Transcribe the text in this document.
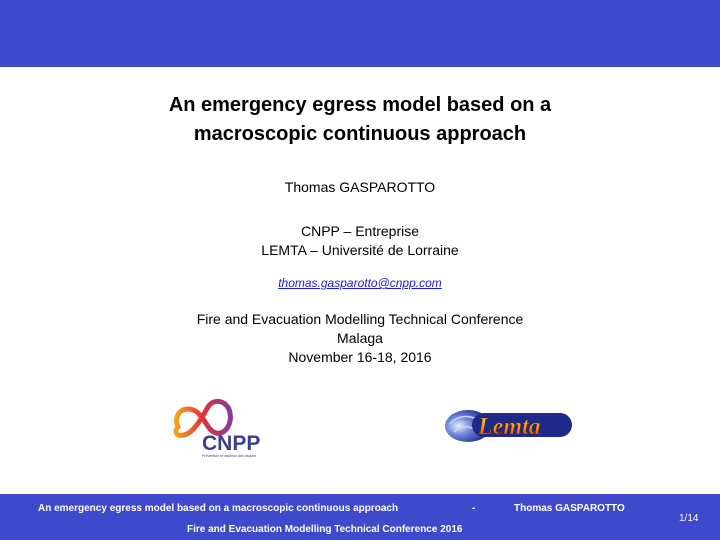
An emergency egress model based on a
macroscopic continuous approach
Thomas GASPAROTTO
CNPP – Entreprise
LEMTA – Université de Lorraine
thomas.gasparotto@cnpp.com
Fire and Evacuation Modelling Technical Conference
Malaga
November 16-18, 2016
CNPP
Prévention et maîtrise des risques
Lemta
An emergency egress model based on a macroscopic continuous approach	-	Thomas GASPAROTTO
Fire and Evacuation Modelling Technical Conference 2016
1/14
